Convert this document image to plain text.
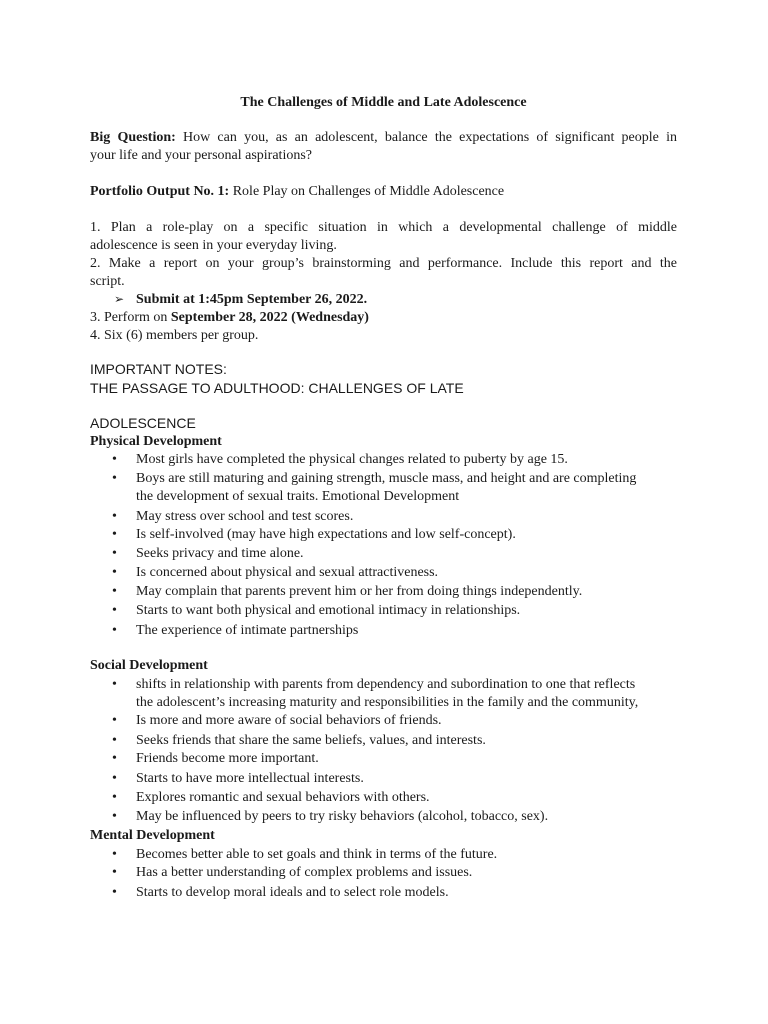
The Challenges of Middle and Late Adolescence
Big Question: How can you, as an adolescent, balance the expectations of significant people in
your life and your personal aspirations?
Portfolio Output No. 1: Role Play on Challenges of Middle Adolescence
1. Plan a role-play on a specific situation in which a developmental challenge of middle
adolescence is seen in your everyday living.
2. Make a report on your group’s brainstorming and performance. Include this report and the
script.
➢ Submit at 1:45pm September 26, 2022.
3. Perform on September 28, 2022 (Wednesday)
4. Six (6) members per group.
IMPORTANT NOTES:
THE PASSAGE TO ADULTHOOD: CHALLENGES OF LATE
ADOLESCENCE
Physical Development
• Most girls have completed the physical changes related to puberty by age 15.
• Boys are still maturing and gaining strength, muscle mass, and height and are completing
the development of sexual traits. Emotional Development
• May stress over school and test scores.
• Is self-involved (may have high expectations and low self-concept).
• Seeks privacy and time alone.
• Is concerned about physical and sexual attractiveness.
• May complain that parents prevent him or her from doing things independently.
• Starts to want both physical and emotional intimacy in relationships.
• The experience of intimate partnerships
Social Development
• shifts in relationship with parents from dependency and subordination to one that reflects
the adolescent’s increasing maturity and responsibilities in the family and the community,
• Is more and more aware of social behaviors of friends.
• Seeks friends that share the same beliefs, values, and interests.
• Friends become more important.
• Starts to have more intellectual interests.
• Explores romantic and sexual behaviors with others.
• May be influenced by peers to try risky behaviors (alcohol, tobacco, sex).
Mental Development
• Becomes better able to set goals and think in terms of the future.
• Has a better understanding of complex problems and issues.
• Starts to develop moral ideals and to select role models.
